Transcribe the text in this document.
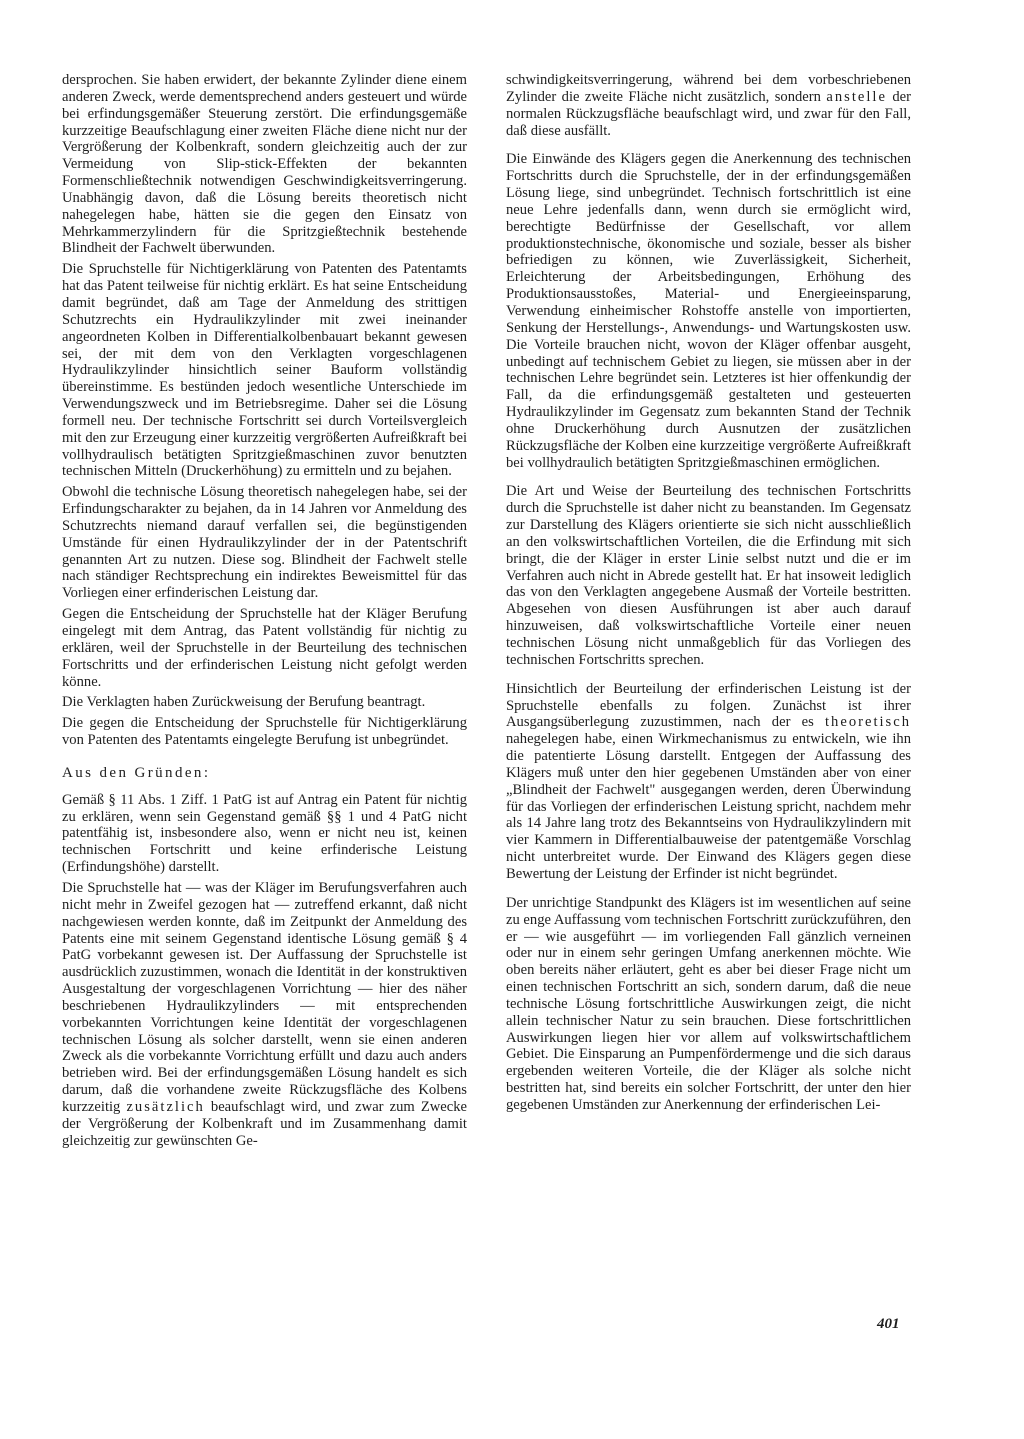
dersprochen. Sie haben erwidert, der bekannte Zylinder diene einem anderen Zweck, werde dementsprechend anders gesteuert und würde bei erfindungsgemäßer Steuerung zerstört. Die erfindungsgemäße kurzzeitige Beaufschlagung einer zweiten Fläche diene nicht nur der Vergrößerung der Kolbenkraft, sondern gleichzeitig auch der zur Vermeidung von Slip-stick-Effekten der bekannten Formenschließtechnik notwendigen Geschwindigkeitsverringerung. Unabhängig davon, daß die Lösung bereits theoretisch nicht nahegelegen habe, hätten sie die gegen den Einsatz von Mehrkammerzylindern für die Spritzgießtechnik bestehende Blindheit der Fachwelt überwunden.

Die Spruchstelle für Nichtigerklärung von Patenten des Patentamts hat das Patent teilweise für nichtig erklärt. Es hat seine Entscheidung damit begründet, daß am Tage der Anmeldung des strittigen Schutzrechts ein Hydraulikzylinder mit zwei ineinander angeordneten Kolben in Differentialkolbenbauart bekannt gewesen sei, der mit dem von den Verklagten vorgeschlagenen Hydraulikzylinder hinsichtlich seiner Bauform vollständig übereinstimme. Es bestünden jedoch wesentliche Unterschiede im Verwendungszweck und im Betriebsregime. Daher sei die Lösung formell neu. Der technische Fortschritt sei durch Vorteilsvergleich mit den zur Erzeugung einer kurzzeitig vergrößerten Aufreißkraft bei vollhydraulisch betätigten Spritzgießmaschinen zuvor benutzten technischen Mitteln (Druckerhöhung) zu ermitteln und zu bejahen.

Obwohl die technische Lösung theoretisch nahegelegen habe, sei der Erfindungscharakter zu bejahen, da in 14 Jahren vor Anmeldung des Schutzrechts niemand darauf verfallen sei, die begünstigenden Umstände für einen Hydraulikzylinder der in der Patentschrift genannten Art zu nutzen. Diese sog. Blindheit der Fachwelt stelle nach ständiger Rechtsprechung ein indirektes Beweismittel für das Vorliegen einer erfinderischen Leistung dar.

Gegen die Entscheidung der Spruchstelle hat der Kläger Berufung eingelegt mit dem Antrag, das Patent vollständig für nichtig zu erklären, weil der Spruchstelle in der Beurteilung des technischen Fortschritts und der erfinderischen Leistung nicht gefolgt werden könne.

Die Verklagten haben Zurückweisung der Berufung beantragt.

Die gegen die Entscheidung der Spruchstelle für Nichtigerklärung von Patenten des Patentamts eingelegte Berufung ist unbegründet.

Aus den Gründen:

Gemäß § 11 Abs. 1 Ziff. 1 PatG ist auf Antrag ein Patent für nichtig zu erklären, wenn sein Gegenstand gemäß §§ 1 und 4 PatG nicht patentfähig ist, insbesondere also, wenn er nicht neu ist, keinen technischen Fortschritt und keine erfinderische Leistung (Erfindungshöhe) darstellt.

Die Spruchstelle hat — was der Kläger im Berufungsverfahren auch nicht mehr in Zweifel gezogen hat — zutreffend erkannt, daß nicht nachgewiesen werden konnte, daß im Zeitpunkt der Anmeldung des Patents eine mit seinem Gegenstand identische Lösung gemäß § 4 PatG vorbekannt gewesen ist. Der Auffassung der Spruchstelle ist ausdrücklich zuzustimmen, wonach die Identität in der konstruktiven Ausgestaltung der vorgeschlagenen Vorrichtung — hier des näher beschriebenen Hydraulikzylinders — mit entsprechenden vorbekannten Vorrichtungen keine Identität der vorgeschlagenen technischen Lösung als solcher darstellt, wenn sie einen anderen Zweck als die vorbekannte Vorrichtung erfüllt und dazu auch anders betrieben wird. Bei der erfindungsgemäßen Lösung handelt es sich darum, daß die vorhandene zweite Rückzugsfläche des Kolbens kurzzeitig zusätzlich beaufschlagt wird, und zwar zum Zwecke der Vergrößerung der Kolbenkraft und im Zusammenhang damit gleichzeitig zur gewünschten Ge-

schwindigkeitsverringerung, während bei dem vorbeschriebenen Zylinder die zweite Fläche nicht zusätzlich, sondern anstelle der normalen Rückzugsfläche beaufschlagt wird, und zwar für den Fall, daß diese ausfällt.

Die Einwände des Klägers gegen die Anerkennung des technischen Fortschritts durch die Spruchstelle, der in der erfindungsgemäßen Lösung liege, sind unbegründet. Technisch fortschrittlich ist eine neue Lehre jedenfalls dann, wenn durch sie ermöglicht wird, berechtigte Bedürfnisse der Gesellschaft, vor allem produktionstechnische, ökonomische und soziale, besser als bisher befriedigen zu können, wie Zuverlässigkeit, Sicherheit, Erleichterung der Arbeitsbedingungen, Erhöhung des Produktionsausstoßes, Material- und Energieeinsparung, Verwendung einheimischer Rohstoffe anstelle von importierten, Senkung der Herstellungs-, Anwendungs- und Wartungskosten usw. Die Vorteile brauchen nicht, wovon der Kläger offenbar ausgeht, unbedingt auf technischem Gebiet zu liegen, sie müssen aber in der technischen Lehre begründet sein. Letzteres ist hier offenkundig der Fall, da die erfindungsgemäß gestalteten und gesteuerten Hydraulikzylinder im Gegensatz zum bekannten Stand der Technik ohne Druckerhöhung durch Ausnutzen der zusätzlichen Rückzugsfläche der Kolben eine kurzzeitige vergrößerte Aufreißkraft bei vollhydraulich betätigten Spritzgießmaschinen ermöglichen.

Die Art und Weise der Beurteilung des technischen Fortschritts durch die Spruchstelle ist daher nicht zu beanstanden. Im Gegensatz zur Darstellung des Klägers orientierte sie sich nicht ausschließlich an den volkswirtschaftlichen Vorteilen, die die Erfindung mit sich bringt, die der Kläger in erster Linie selbst nutzt und die er im Verfahren auch nicht in Abrede gestellt hat. Er hat insoweit lediglich das von den Verklagten angegebene Ausmaß der Vorteile bestritten. Abgesehen von diesen Ausführungen ist aber auch darauf hinzuweisen, daß volkswirtschaftliche Vorteile einer neuen technischen Lösung nicht unmaßgeblich für das Vorliegen des technischen Fortschritts sprechen.

Hinsichtlich der Beurteilung der erfinderischen Leistung ist der Spruchstelle ebenfalls zu folgen. Zunächst ist ihrer Ausgangsüberlegung zuzustimmen, nach der es theoretisch nahegelegen habe, einen Wirkmechanismus zu entwickeln, wie ihn die patentierte Lösung darstellt. Entgegen der Auffassung des Klägers muß unter den hier gegebenen Umständen aber von einer „Blindheit der Fachwelt" ausgegangen werden, deren Überwindung für das Vorliegen der erfinderischen Leistung spricht, nachdem mehr als 14 Jahre lang trotz des Bekanntseins von Hydraulikzylindern mit vier Kammern in Differentialbauweise der patentgemäße Vorschlag nicht unterbreitet wurde. Der Einwand des Klägers gegen diese Bewertung der Leistung der Erfinder ist nicht begründet.

Der unrichtige Standpunkt des Klägers ist im wesentlichen auf seine zu enge Auffassung vom technischen Fortschritt zurückzuführen, den er — wie ausgeführt — im vorliegenden Fall gänzlich verneinen oder nur in einem sehr geringen Umfang anerkennen möchte. Wie oben bereits näher erläutert, geht es aber bei dieser Frage nicht um einen technischen Fortschritt an sich, sondern darum, daß die neue technische Lösung fortschrittliche Auswirkungen zeigt, die nicht allein technischer Natur zu sein brauchen. Diese fortschrittlichen Auswirkungen liegen hier vor allem auf volkswirtschaftlichem Gebiet. Die Einsparung an Pumpenfördermenge und die sich daraus ergebenden weiteren Vorteile, die der Kläger als solche nicht bestritten hat, sind bereits ein solcher Fortschritt, der unter den hier gegebenen Umständen zur Anerkennung der erfinderischen Lei-

401
